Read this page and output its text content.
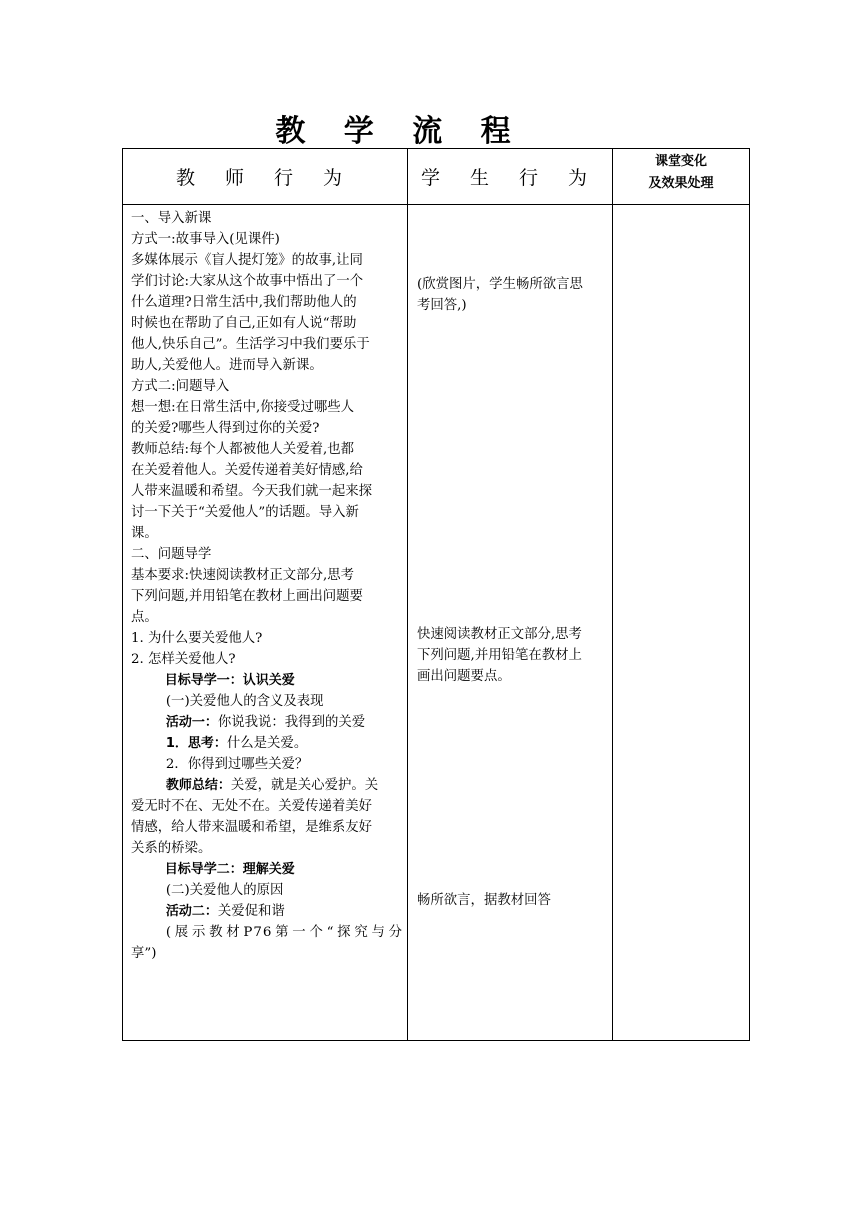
教 学 流 程
教 师 行 为	学 生 行 为
课堂变化
及效果处理

一、导入新课

方式一:故事导入(见课件)

多媒体展示《盲人提灯笼》的故事,让同

学们讨论:大家从这个故事中悟出了一个

什么道理?日常生活中,我们帮助他人的

时候也在帮助了自己,正如有人说“帮助

他人,快乐自己”。生活学习中我们要乐于

助人,关爱他人。进而导入新课。

方式二:问题导入

想一想:在日常生活中,你接受过哪些人

的关爱?哪些人得到过你的关爱?

教师总结:每个人都被他人关爱着,也都

在关爱着他人。关爱传递着美好情感,给

人带来温暖和希望。今天我们就一起来探

讨一下关于“关爱他人”的话题。导入新

课。

二、问题导学

基本要求:快速阅读教材正文部分,思考

下列问题,并用铅笔在教材上画出问题要

点。

1. 为什么要关爱他人?

2. 怎样关爱他人?

目标导学一：认识关爱

(一)关爱他人的含义及表现

活动一：你说我说：我得到的关爱

1．思考：什么是关爱。

2．你得到过哪些关爱？

教师总结：关爱，就是关心爱护。关

爱无时不在、无处不在。关爱传递着美好

情感，给人带来温暖和希望，是维系友好

关系的桥梁。

目标导学二：理解关爱

(二)关爱他人的原因

活动二：关爱促和谐

(展示教材P76第一个“探究与分

享”)

(欣赏图片，学生畅所欲言思

考回答,)

快速阅读教材正文部分,思考

下列问题,并用铅笔在教材上

画出问题要点。

畅所欲言，据教材回答
